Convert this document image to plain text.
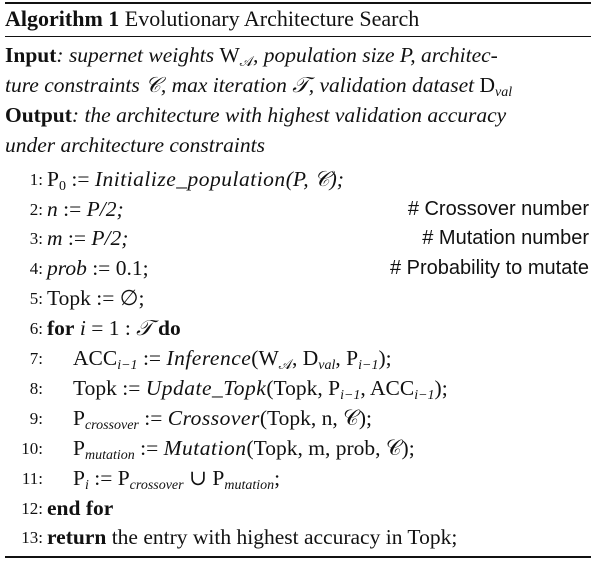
Algorithm 1 Evolutionary Architecture Search
Input: supernet weights $W_𝒜$, population size P, architec-
ture constraints 𝒞, max iteration 𝒯, validation dataset $D_{val}$
Output: the architecture with highest validation accuracy
under architecture constraints
1: $P_0$ := Initialize_population(P, 𝒞);
2: n := P/2;	# Crossover number
3: m := P/2;	# Mutation number
4: prob := 0.1;	# Probability to mutate
5: Topk := ∅;
6: for i = 1 : 𝒯 do
7: $ACC_{i-1}$ := $Inference(W_𝒜$, $D_{val}$, $P_{i-1}$);
8: Topk := Update_Topk(Topk, $P_{i-1}$, $ACC_{i-1}$);
9: $P_{crossover}$ := Crossover(Topk, n, 𝒞);
10: $P_{mutation}$ := Mutation(Topk, m, prob, 𝒞);
11: $P_i$ := $P_{crossover}$ ∪ $P_{mutation}$;
12: end for
13: return the entry with highest accuracy in Topk;
